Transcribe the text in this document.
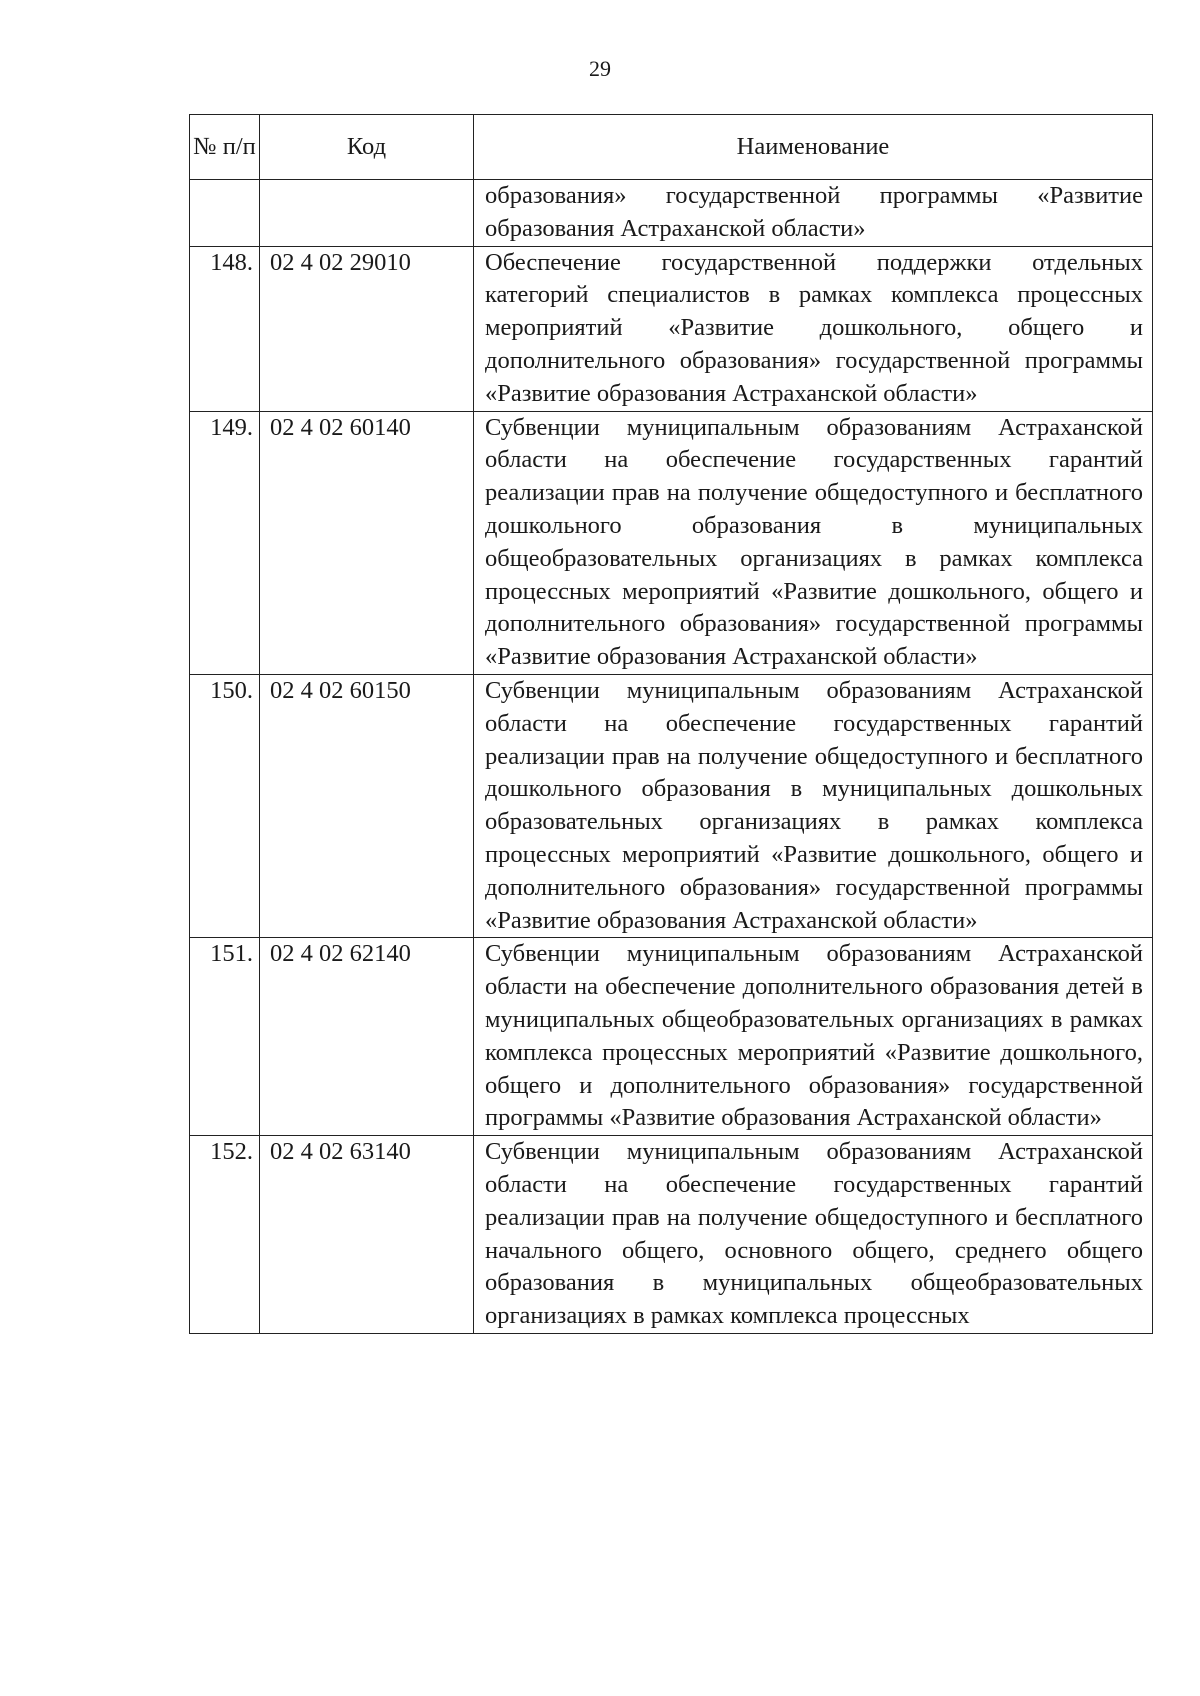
29
№ п/п	Код	Наименование
		образования» государственной программы «Развитие образования Астраханской области»
148.	02 4 02 29010	Обеспечение государственной поддержки отдельных категорий специалистов в рамках комплекса процессных мероприятий «Развитие дошкольного, общего и дополнительного образования» государственной программы «Развитие образования Астраханской области»
149.	02 4 02 60140	Субвенции муниципальным образованиям Астраханской области на обеспечение государственных гарантий реализации прав на получение общедоступного и бесплатного дошкольного образования в муниципальных общеобразовательных организациях в рамках комплекса процессных мероприятий «Развитие дошкольного, общего и дополнительного образования» государственной программы «Развитие образования Астраханской области»
150.	02 4 02 60150	Субвенции муниципальным образованиям Астраханской области на обеспечение государственных гарантий реализации прав на получение общедоступного и бесплатного дошкольного образования в муниципальных дошкольных образовательных организациях в рамках комплекса процессных мероприятий «Развитие дошкольного, общего и дополнительного образования» государственной программы «Развитие образования Астраханской области»
151.	02 4 02 62140	Субвенции муниципальным образованиям Астраханской области на обеспечение дополнительного образования детей в муниципальных общеобразовательных организациях в рамках комплекса процессных мероприятий «Развитие дошкольного, общего и дополнительного образования» государственной программы «Развитие образования Астраханской области»
152.	02 4 02 63140	Субвенции муниципальным образованиям Астраханской области на обеспечение государственных гарантий реализации прав на получение общедоступного и бесплатного начального общего, основного общего, среднего общего образования в муниципальных общеобразовательных организациях в рамках комплекса процессных
